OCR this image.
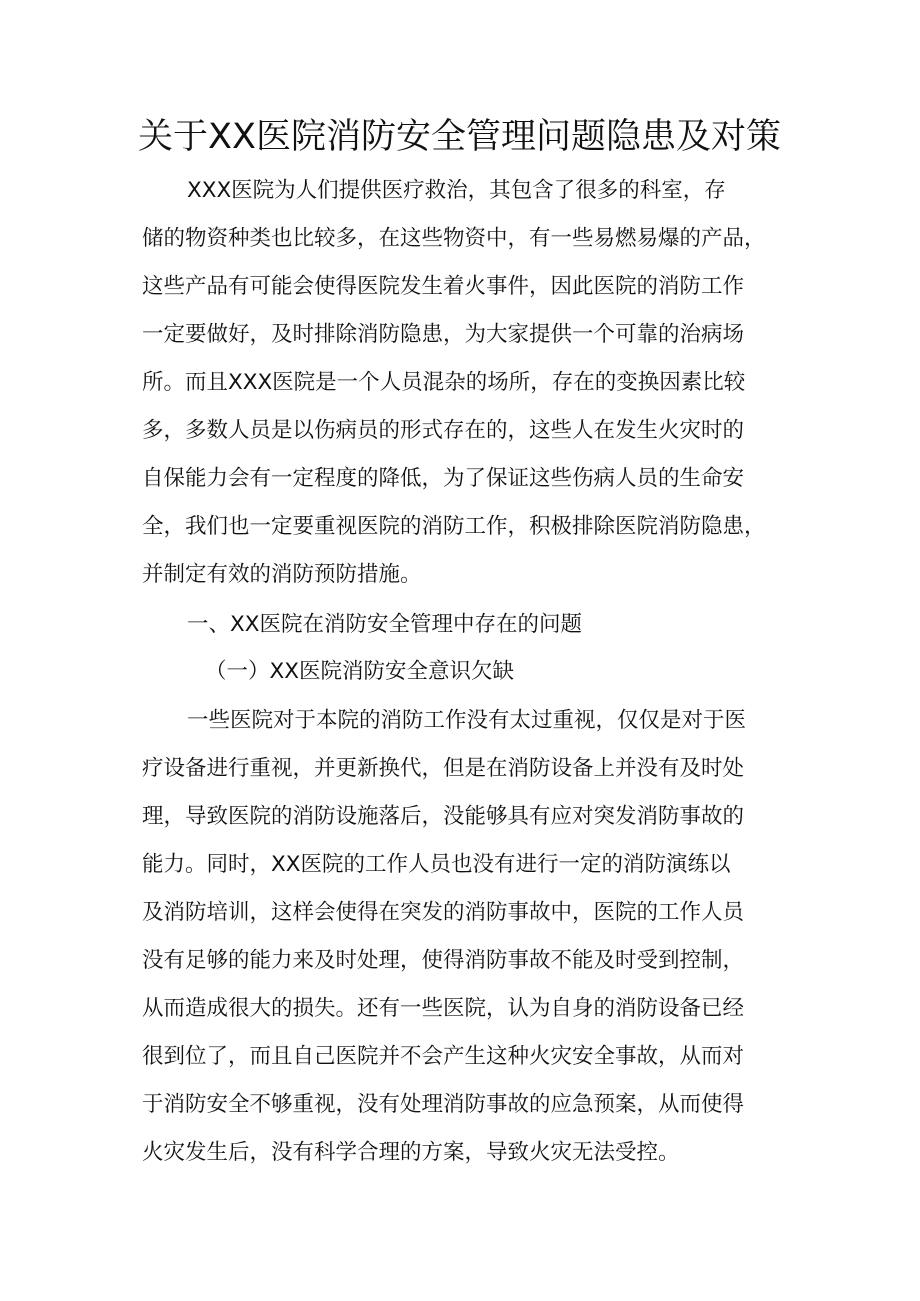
关于XX医院消防安全管理问题隐患及对策
XXX医院为人们提供医疗救治，其包含了很多的科室，存
储的物资种类也比较多，在这些物资中，有一些易燃易爆的产品，
这些产品有可能会使得医院发生着火事件，因此医院的消防工作
一定要做好，及时排除消防隐患，为大家提供一个可靠的治病场
所。而且XXX医院是一个人员混杂的场所，存在的变换因素比较
多，多数人员是以伤病员的形式存在的，这些人在发生火灾时的
自保能力会有一定程度的降低，为了保证这些伤病人员的生命安
全，我们也一定要重视医院的消防工作，积极排除医院消防隐患，
并制定有效的消防预防措施。
一、XX医院在消防安全管理中存在的问题
（一）XX医院消防安全意识欠缺
一些医院对于本院的消防工作没有太过重视，仅仅是对于医
疗设备进行重视，并更新换代，但是在消防设备上并没有及时处
理，导致医院的消防设施落后，没能够具有应对突发消防事故的
能力。同时，XX医院的工作人员也没有进行一定的消防演练以
及消防培训，这样会使得在突发的消防事故中，医院的工作人员
没有足够的能力来及时处理，使得消防事故不能及时受到控制，
从而造成很大的损失。还有一些医院，认为自身的消防设备已经
很到位了，而且自己医院并不会产生这种火灾安全事故，从而对
于消防安全不够重视，没有处理消防事故的应急预案，从而使得
火灾发生后，没有科学合理的方案，导致火灾无法受控。
